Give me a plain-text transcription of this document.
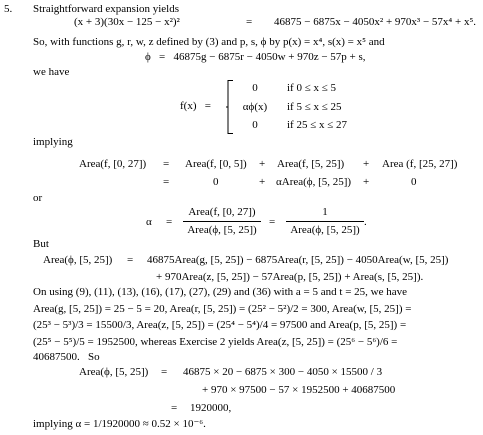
5. Straightforward expansion yields
(x + 3)(30x − 125 − x²)²	= 46875 − 6875x − 4050x² + 970x³ − 57x⁴ + x⁵.
So, with functions g, r, w, z defined by (3) and p, s, ϕ by p(x) = x⁴, s(x) = x⁵ and
ϕ   =   46875g − 6875r − 4050w + 970z − 57p + s,
we have
f(x)   =
0	if 0 ≤ x ≤ 5
αϕ(x) if 5 ≤ x ≤ 25
0	if 25 ≤ x ≤ 27
implying
Area(f, [0, 27]) = Area(f, [0, 5]) + Area(f, [5, 25]) + Area (f, [25, 27])
=	0	+ αArea(ϕ, [5, 25]) +	0
or
α =
Area(f, [0, 27])
Area(ϕ, [5, 25])
=
1
Area(ϕ, [5, 25])
.
But
Area(ϕ, [5, 25]) = 46875Area(g, [5, 25]) − 6875Area(r, [5, 25]) − 4050Area(w, [5, 25])
+ 970Area(z, [5, 25]) − 57Area(p, [5, 25]) + Area(s, [5, 25]).
On using (9), (11), (13), (16), (17), (27), (29) and (36) with a = 5 and t = 25, we have
Area(g, [5, 25]) = 25 − 5 = 20, Area(r, [5, 25]) = (25² − 5²)/2 = 300, Area(w, [5, 25]) =
(25³ − 5³)/3 = 15500/3, Area(z, [5, 25]) = (25⁴ − 5⁴)/4 = 97500 and Area(p, [5, 25]) =
(25⁵ − 5⁵)/5 = 1952500, whereas Exercise 2 yields Area(z, [5, 25]) = (25⁶ − 5⁶)/6 =
40687500.   So
Area(ϕ, [5, 25]) = 46875 × 20 − 6875 × 300 − 4050 × 15500 / 3
+ 970 × 97500 − 57 × 1952500 + 40687500
= 1920000,
implying α = 1/1920000 ≈ 0.52 × 10⁻⁶.
